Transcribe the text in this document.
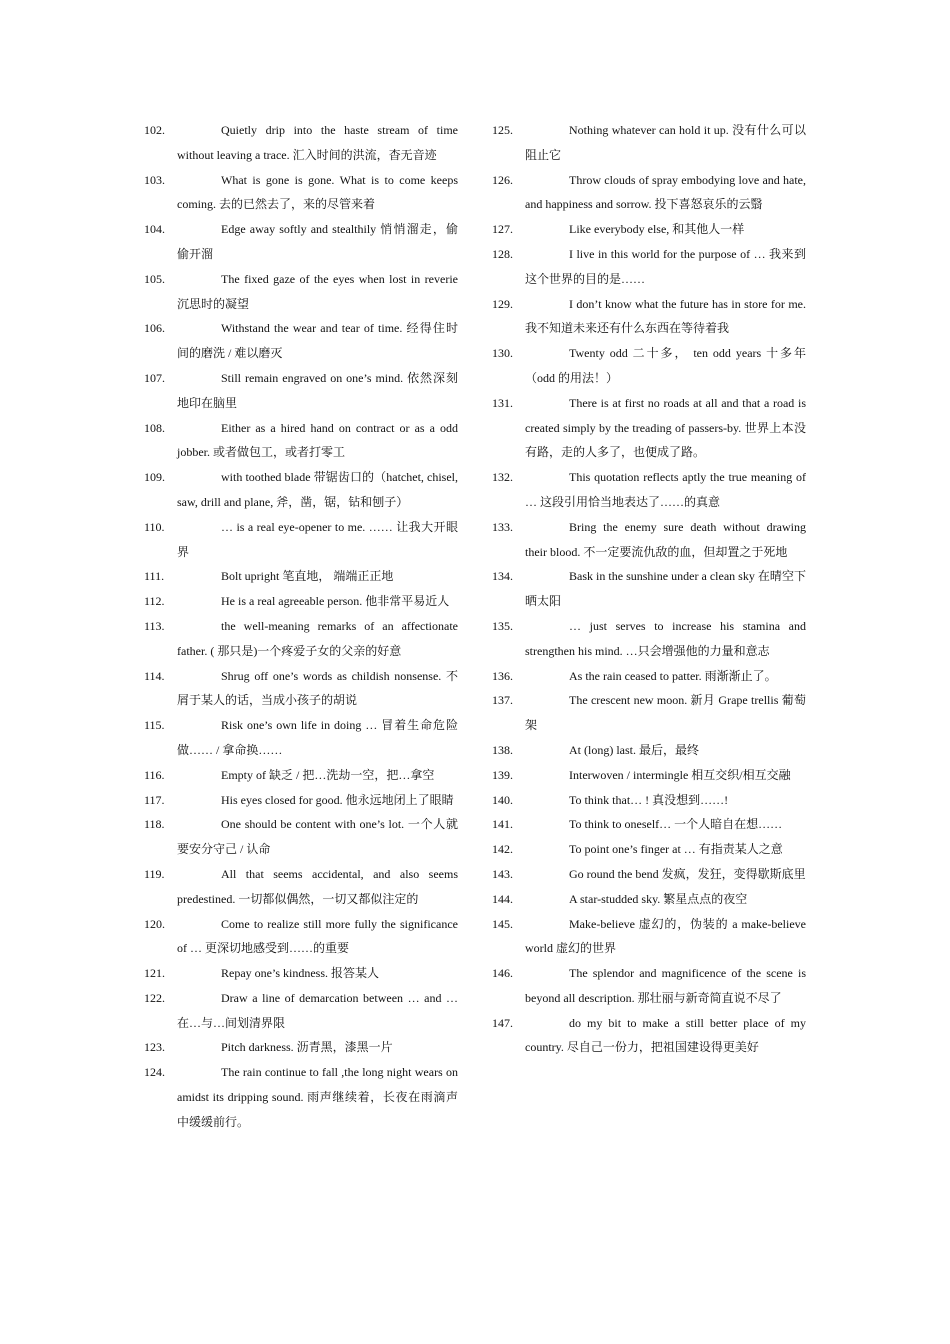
102.	Quietly drip into the haste stream of time without leaving a trace. 汇入时间的洪流，杳无音迹
103.	What is gone is gone. What is to come keeps coming. 去的已然去了，来的尽管来着
104.	Edge away softly and stealthily 悄悄溜走，偷偷开溜
105.	The fixed gaze of the eyes when lost in reverie 沉思时的凝望
106.	Withstand the wear and tear of time. 经得住时间的磨洗 / 难以磨灭
107.	Still remain engraved on one’s mind. 依然深刻地印在脑里
108.	Either as a hired hand on contract or as a odd jobber. 或者做包工，或者打零工
109.	with toothed blade 带锯齿口的（hatchet, chisel, saw, drill and plane, 斧，凿，锯，钻和刨子）
110.	… is a real eye-opener to me. …… 让我大开眼界
111.	Bolt upright 笔直地， 端端正正地
112.	He is a real agreeable person. 他非常平易近人
113.	the well-meaning remarks of an affectionate father. ( 那只是)一个疼爱子女的父亲的好意
114.	Shrug off one’s words as childish nonsense. 不屑于某人的话，当成小孩子的胡说
115.	Risk one’s own life in doing … 冒着生命危险做…… / 拿命换……
116.	Empty of 缺乏 / 把…洗劫一空，把…拿空
117.	His eyes closed for good. 他永远地闭上了眼睛
118.	One should be content with one’s lot. 一个人就要安分守己 / 认命
119.	All that seems accidental, and also seems predestined. 一切都似偶然，一切又都似注定的
120.	Come to realize still more fully the significance of … 更深切地感受到……的重要
121.	Repay one’s kindness. 报答某人
122.	Draw a line of demarcation between … and … 在…与…间划清界限
123.	Pitch darkness. 沥青黑，漆黑一片
124.	The rain continue to fall ,the long night wears on amidst its dripping sound. 雨声继续着，长夜在雨滴声中缓缓前行。
125.	Nothing whatever can hold it up. 没有什么可以阻止它
126.	Throw clouds of spray embodying love and hate, and happiness and sorrow. 投下喜怒哀乐的云翳
127.	Like everybody else, 和其他人一样
128.	I live in this world for the purpose of … 我来到这个世界的目的是……
129.	I don’t know what the future has in store for me. 我不知道未来还有什么东西在等待着我
130.	Twenty odd 二十多， ten odd years 十多年 （odd 的用法！）
131.	There is at first no roads at all and that a road is created simply by the treading of passers-by. 世界上本没有路，走的人多了，也便成了路。
132.	This quotation reflects aptly the true meaning of … 这段引用恰当地表达了……的真意
133.	Bring the enemy sure death without drawing their blood. 不一定要流仇敌的血，但却置之于死地
134.	Bask in the sunshine under a clean sky 在晴空下晒太阳
135.	… just serves to increase his stamina and strengthen his mind. …只会增强他的力量和意志
136.	As the rain ceased to patter. 雨渐渐止了。
137.	The crescent new moon. 新月 Grape trellis 葡萄架
138.	At (long) last. 最后，最终
139.	Interwoven / intermingle 相互交织/相互交融
140.	To think that… ! 真没想到……!
141.	To think to oneself… 一个人暗自在想……
142.	To point one’s finger at … 有指责某人之意
143.	Go round the bend 发疯，发狂，变得歇斯底里
144.	A star-studded sky. 繁星点点的夜空
145.	Make-believe 虚幻的，伪装的 a make-believe world 虚幻的世界
146.	The splendor and magnificence of the scene is beyond all description. 那壮丽与新奇简直说不尽了
147.	do my bit to make a still better place of my country. 尽自己一份力，把祖国建设得更美好
